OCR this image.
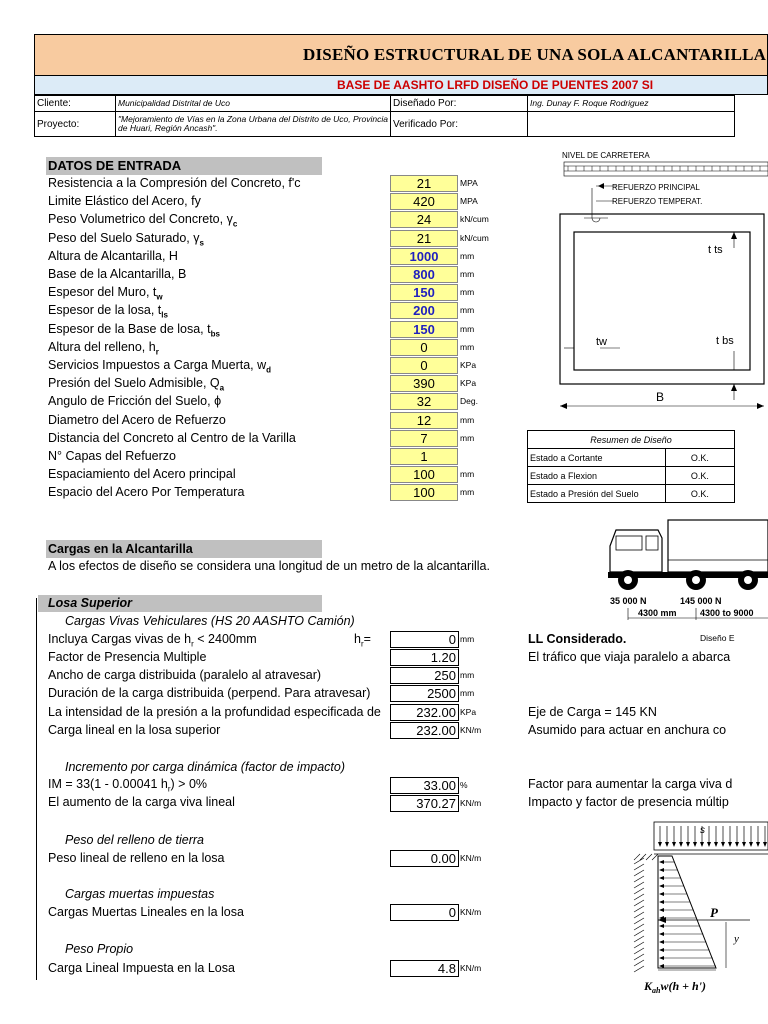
DISEÑO ESTRUCTURAL DE UNA SOLA ALCANTARILLA
BASE DE AASHTO LRFD DISEÑO DE PUENTES 2007 SI
Cliente:	Municipalidad Distrital de Uco	Diseñado Por:	Ing. Dunay F. Roque Rodriguez
Proyecto:	"Mejoramiento de Vías en la Zona Urbana del Distrito de Uco, Provincia de Huari, Región Ancash".	Verificado Por:	
DATOS DE ENTRADA
Resistencia a la Compresión del Concreto, f'c	21	MPA
Limite Elástico del Acero, fy	420	MPA
Peso Volumetrico del Concreto, $\gamma_c$	24	kN/cum
Peso del Suelo Saturado, $\gamma_s$	21	kN/cum
Altura de Alcantarilla, H	1000	mm
Base de la Alcantarilla, B	800	mm
Espesor del Muro, $t_w$	150	mm
Espesor de la losa, $t_{ls}$	200	mm
Espesor de la Base de losa, $t_{bs}$	150	mm
Altura del relleno, $h_r$	0	mm
Servicios Impuestos a Carga Muerta, $w_d$	0	KPa
Presión del Suelo Admisible, $Q_a$	390	KPa
Angulo de Fricción del Suelo, ϕ	32	Deg.
Diametro del Acero de Refuerzo	12	mm
Distancia del Concreto al Centro de la Varilla	7	mm
N° Capas del Refuerzo	1
Espaciamiento del Acero principal	100	mm
Espacio del Acero Por Temperatura	100	mm
NIVEL DE CARRETERA
REFUERZO PRINCIPAL
REFUERZO TEMPERAT.
t ts
tw	t bs
B
Resumen de Diseño	
Estado a Cortante	O.K.
Estado a Flexion	O.K.
Estado a Presión del Suelo	O.K.
Cargas en la Alcantarilla
A los efectos de diseño se considera una longitud de un metro de la alcantarilla.
35 000 N	145 000 N
4300 mm	4300 to 9000
Losa Superior
Cargas Vivas Vehiculares (HS 20 AASHTO Camión)
Incluya Cargas vivas de $h_r < 2400mm$	$h_r=$	0 mm
Factor de Presencia Multiple	1.20
Ancho de carga distribuida (paralelo al atravesar)	250 mm
Duración de la carga distribuida (perpend. Para atravesar)	2500 mm
La intensidad de la presión a la profundidad especificada de	232.00 KPa
Carga lineal en la losa superior	232.00 KN/m
Incremento por carga dinámica (factor de impacto)
IM = 33(1 - 0.00041 $h_r) > 0\%$	33.00 %
El aumento de la carga viva lineal	370.27 KN/m
Peso del relleno de tierra
Peso lineal de relleno en la losa	0.00 KN/m
Cargas muertas impuestas
Cargas Muertas Lineales en la losa	0 KN/m
Peso Propio
Carga Lineal Impuesta en la Losa	4.8 KN/m
LL Considerado.	Diseño E
El tráfico que viaja paralelo a abarca
Eje de Carga = 145 KN
Asumido para actuar en anchura co
Factor para aumentar la carga viva d
Impacto y factor de presencia múltip
s
P
y
$K_{ah}w(h + h')$
